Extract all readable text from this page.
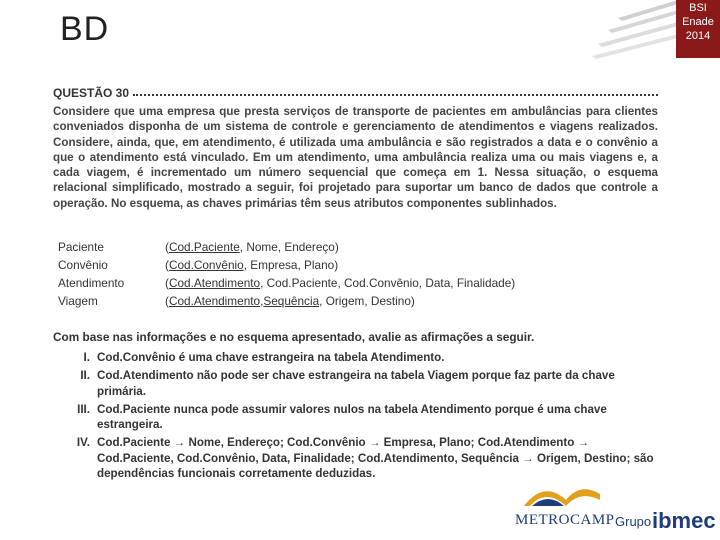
BD
BSI
Enade
2014
QUESTÃO 30

Considere que uma empresa que presta serviços de transporte de pacientes em ambulâncias para clientes conveniados disponha de um sistema de controle e gerenciamento de atendimentos e viagens realizados. Considere, ainda, que, em atendimento, é utilizada uma ambulância e são registrados a data e o convênio a que o atendimento está vinculado. Em um atendimento, uma ambulância realiza uma ou mais viagens e, a cada viagem, é incrementado um número sequencial que começa em 1. Nessa situação, o esquema relacional simplificado, mostrado a seguir, foi projetado para suportar um banco de dados que controle a operação. No esquema, as chaves primárias têm seus atributos componentes sublinhados.

Paciente	( Cod.Paciente , Nome, Endereço)
Convênio	( Cod.Convênio , Empresa, Plano)
Atendimento	( Cod.Atendimento , Cod.Paciente, Cod.Convênio, Data, Finalidade)
Viagem	( Cod.Atendimento , Sequência , Origem, Destino)

Com base nas informações e no esquema apresentado, avalie as afirmações a seguir.

I. Cod.Convênio é uma chave estrangeira na tabela Atendimento.
II. Cod.Atendimento não pode ser chave estrangeira na tabela Viagem porque faz parte da chave primária.
III. Cod.Paciente nunca pode assumir valores nulos na tabela Atendimento porque é uma chave estrangeira.
IV. Cod.Paciente → Nome, Endereço; Cod.Convênio → Empresa, Plano; Cod.Atendimento → Cod.Paciente, Cod.Convênio, Data, Finalidade; Cod.Atendimento, Sequência → Origem, Destino; são dependências funcionais corretamente deduzidas.
METROCAMP Grupo ibmec
